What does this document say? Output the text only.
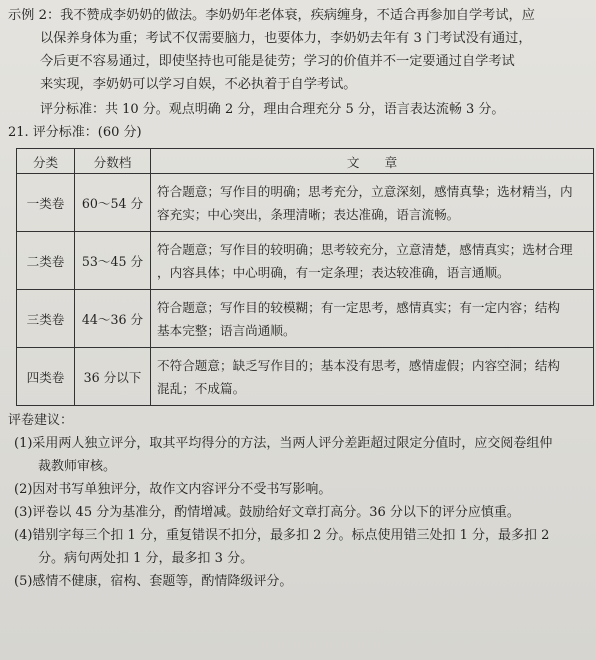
示例 2：我不赞成李奶奶的做法。李奶奶年老体衰，疾病缠身，不适合再参加自学考试，应

以保养身体为重；考试不仅需要脑力，也要体力，李奶奶去年有 3 门考试没有通过，

今后更不容易通过，即使坚持也可能是徒劳；学习的价值并不一定要通过自学考试

来实现，李奶奶可以学习自娱，不必执着于自学考试。

评分标准：共 10 分。观点明确 2 分，理由合理充分 5 分，语言表达流畅 3 分。

21. 评分标准：(60 分)

分类	分数档	文　　章
一类卷	60～54 分	符合题意；写作目的明确；思考充分，立意深刻，感情真挚；选材精当，内
容充实；中心突出，条理清晰；表达准确，语言流畅。
二类卷	53～45 分	符合题意；写作目的较明确；思考较充分，立意清楚，感情真实；选材合理
，内容具体；中心明确，有一定条理；表达较准确，语言通顺。
三类卷	44～36 分	符合题意；写作目的较模糊；有一定思考，感情真实；有一定内容；结构
基本完整；语言尚通顺。
四类卷	36 分以下	不符合题意；缺乏写作目的；基本没有思考，感情虚假；内容空洞；结构
混乱；不成篇。

评卷建议：

(1)采用两人独立评分，取其平均得分的方法，当两人评分差距超过限定分值时，应交阅卷组仲
裁教师审核。

(2)因对书写单独评分，故作文内容评分不受书写影响。

(3)评卷以 45 分为基准分，酌情增减。鼓励给好文章打高分。36 分以下的评分应慎重。

(4)错别字每三个扣 1 分，重复错误不扣分，最多扣 2 分。标点使用错三处扣 1 分，最多扣 2
分。病句两处扣 1 分，最多扣 3 分。

(5)感情不健康，宿构、套题等，酌情降级评分。
